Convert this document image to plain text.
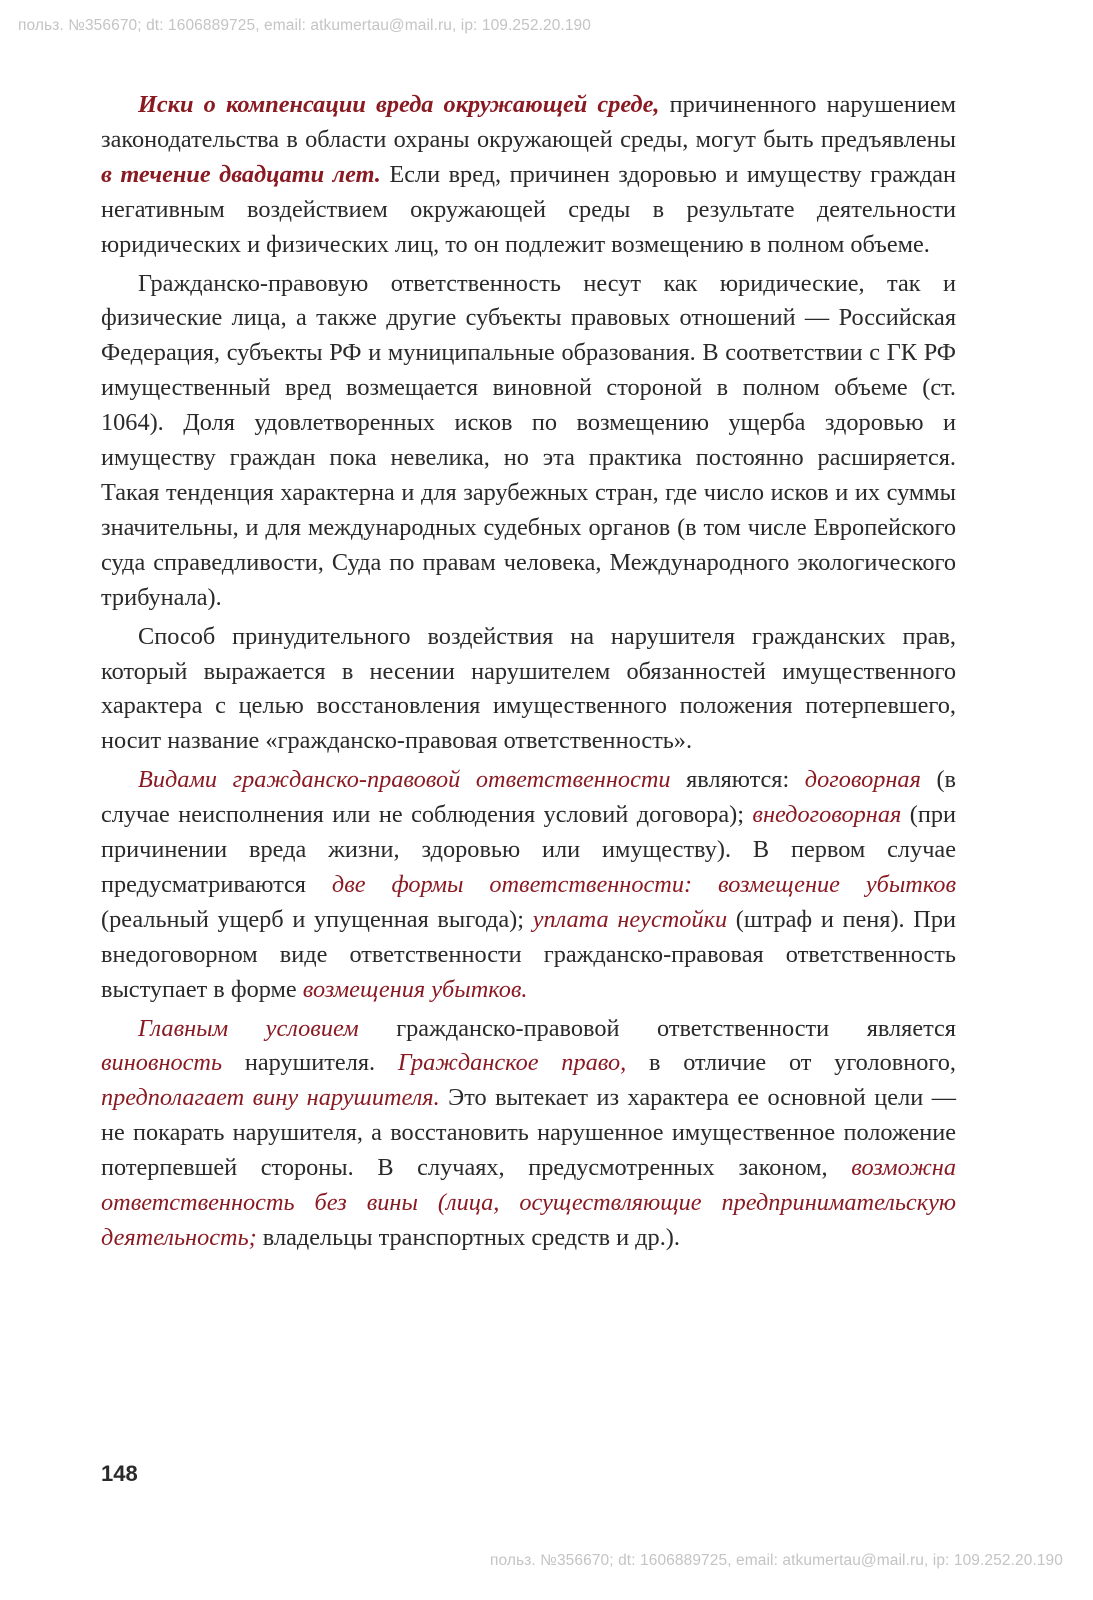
польз. №356670; dt: 1606889725, email: atkumertau@mail.ru, ip: 109.252.20.190

Иски о компенсации вреда окружающей среде, причиненного нарушением законодательства в области охраны окружающей среды, могут быть предъявлены в течение двадцати лет. Если вред, причинен здоровью и имуществу граждан негативным воздействием окружающей среды в результате деятельности юридических и физических лиц, то он подлежит возмещению в полном объеме.

Гражданско-правовую ответственность несут как юридические, так и физические лица, а также другие субъекты правовых отношений — Российская Федерация, субъекты РФ и муниципальные образования. В соответствии с ГК РФ имущественный вред возмещается виновной стороной в полном объеме (ст. 1064). Доля удовлетворенных исков по возмещению ущерба здоровью и имуществу граждан пока невелика, но эта практика постоянно расширяется. Такая тенденция характерна и для зарубежных стран, где число исков и их суммы значительны, и для международных судебных органов (в том числе Европейского суда справедливости, Суда по правам человека, Международного экологического трибунала).

Способ принудительного воздействия на нарушителя гражданских прав, который выражается в несении нарушителем обязанностей имущественного характера с целью восстановления имущественного положения потерпевшего, носит название «гражданско-правовая ответственность».

Видами гражданско-правовой ответственности являются: договорная (в случае неисполнения или не соблюдения условий договора); внедоговорная (при причинении вреда жизни, здоровью или имуществу). В первом случае предусматриваются две формы ответственности: возмещение убытков (реальный ущерб и упущенная выгода); уплата неустойки (штраф и пеня). При внедоговорном виде ответственности гражданско-правовая ответственность выступает в форме возмещения убытков.

Главным условием гражданско-правовой ответственности является виновность нарушителя. Гражданское право, в отличие от уголовного, предполагает вину нарушителя. Это вытекает из характера ее основной цели — не покарать нарушителя, а восстановить нарушенное имущественное положение потерпевшей стороны. В случаях, предусмотренных законом, возможна ответственность без вины (лица, осуществляющие предпринимательскую деятельность; владельцы транспортных средств и др.).

148
польз. №356670; dt: 1606889725, email: atkumertau@mail.ru, ip: 109.252.20.190
